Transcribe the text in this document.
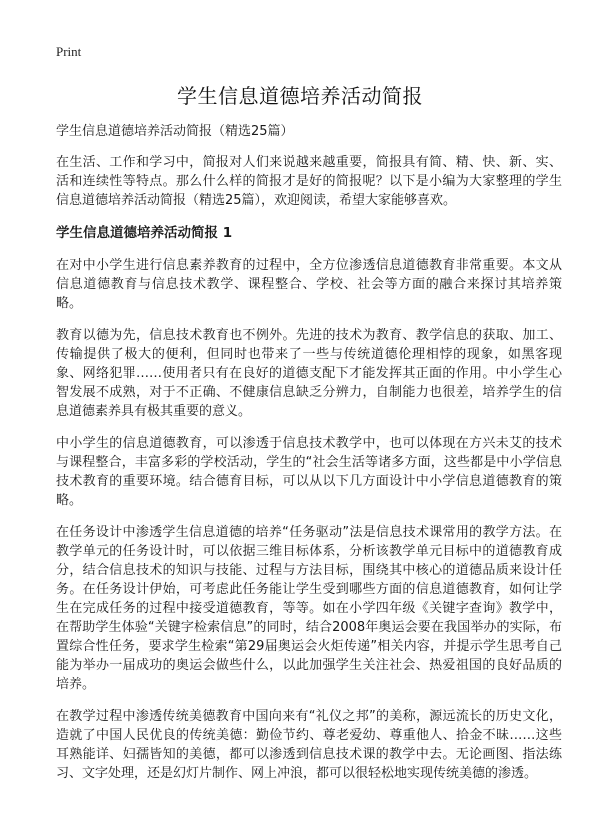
Print
学生信息道德培养活动简报

学生信息道德培养活动简报（精选25篇）

在生活、工作和学习中，简报对人们来说越来越重要，简报具有简、精、快、新、实、活和连续性等特点。那么什么样的简报才是好的简报呢？以下是小编为大家整理的学生信息道德培养活动简报（精选25篇），欢迎阅读，希望大家能够喜欢。

学生信息道德培养活动简报 1

在对中小学生进行信息素养教育的过程中，全方位渗透信息道德教育非常重要。本文从信息道德教育与信息技术教学、课程整合、学校、社会等方面的融合来探讨其培养策略。

教育以德为先，信息技术教育也不例外。先进的技术为教育、教学信息的获取、加工、传输提供了极大的便利，但同时也带来了一些与传统道德伦理相悖的现象，如黑客现象、网络犯罪……使用者只有在良好的道德支配下才能发挥其正面的作用。中小学生心智发展不成熟，对于不正确、不健康信息缺乏分辨力，自制能力也很差，培养学生的信息道德素养具有极其重要的意义。

中小学生的信息道德教育，可以渗透于信息技术教学中，也可以体现在方兴未艾的技术与课程整合，丰富多彩的学校活动，学生的“社会生活等诸多方面，这些都是中小学信息技术教育的重要环境。结合德育目标，可以从以下几方面设计中小学信息道德教育的策略。

在任务设计中渗透学生信息道德的培养“任务驱动”法是信息技术课常用的教学方法。在教学单元的任务设计时，可以依据三维目标体系，分析该教学单元目标中的道德教育成分，结合信息技术的知识与技能、过程与方法目标，围绕其中核心的道德品质来设计任务。在任务设计伊始，可考虑此任务能让学生受到哪些方面的信息道德教育，如何让学生在完成任务的过程中接受道德教育，等等。如在小学四年级《关键字查询》教学中，在帮助学生体验“关键字检索信息”的同时，结合2008年奥运会要在我国举办的实际，布置综合性任务，要求学生检索“第29届奥运会火炬传递”相关内容，并提示学生思考自己能为举办一届成功的奥运会做些什么，以此加强学生关注社会、热爱祖国的良好品质的培养。

在教学过程中渗透传统美德教育中国向来有“礼仪之邦”的美称，源远流长的历史文化，造就了中国人民优良的传统美德：勤俭节约、尊老爱幼、尊重他人、拾金不昧……这些耳熟能详、妇孺皆知的美德，都可以渗透到信息技术课的教学中去。无论画图、指法练习、文字处理，还是幻灯片制作、网上冲浪，都可以很轻松地实现传统美德的渗透。
